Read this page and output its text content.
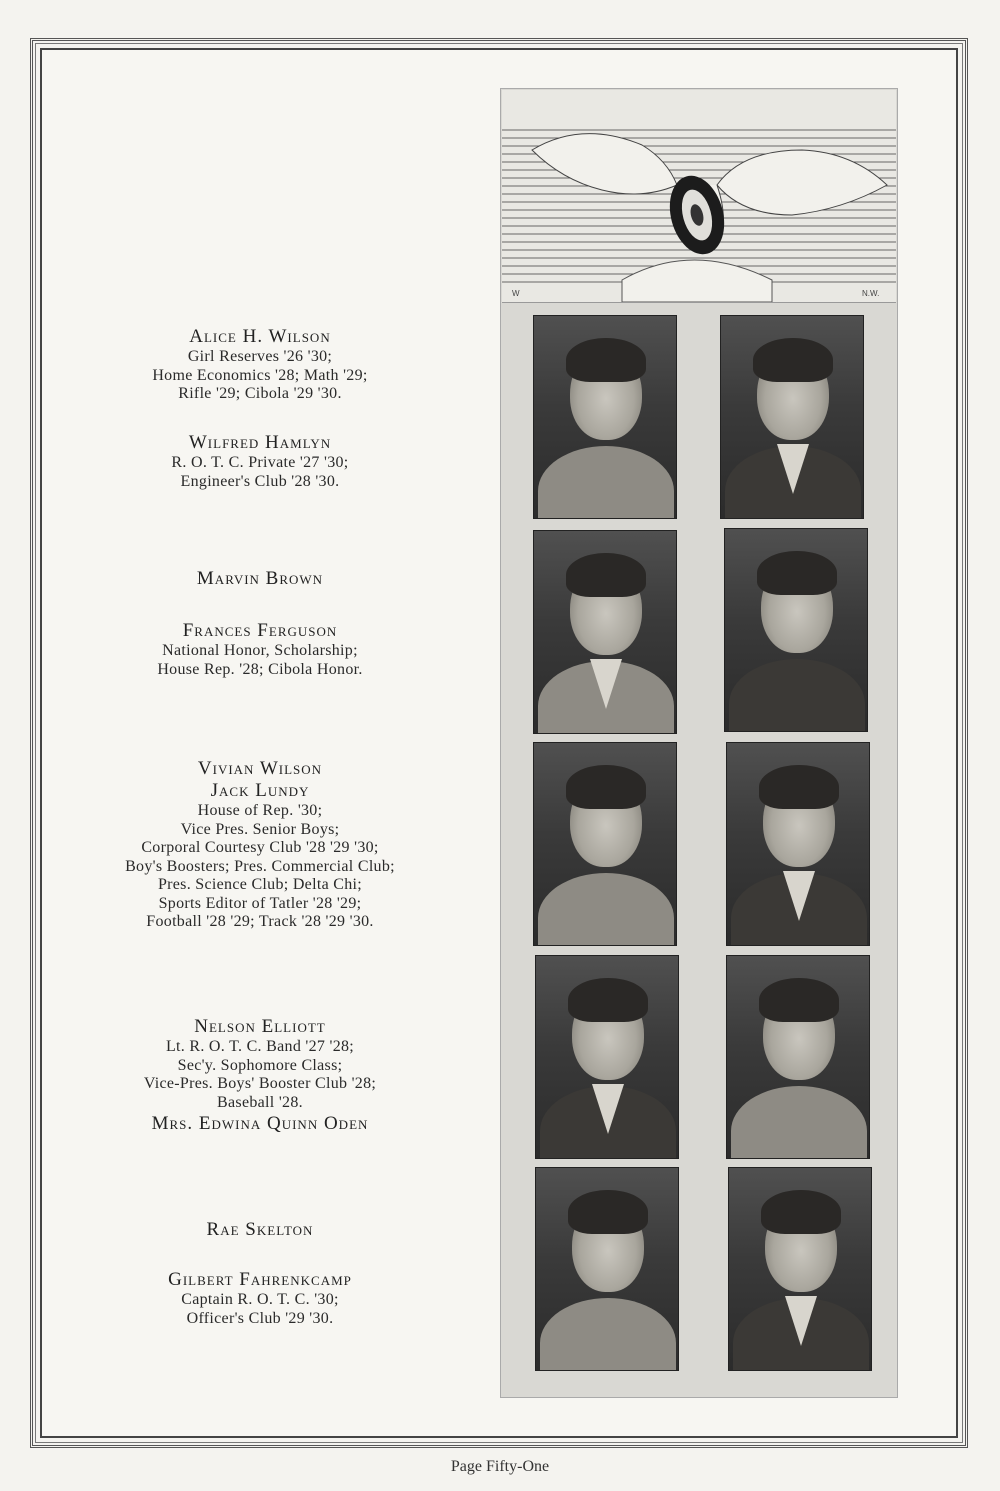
Alice H. Wilson
Girl Reserves '26 '30;
Home Economics '28; Math '29;
Rifle '29; Cibola '29 '30.
Wilfred Hamlyn
R. O. T. C. Private '27 '30;
Engineer's Club '28 '30.
Marvin Brown
Frances Ferguson
National Honor, Scholarship;
House Rep. '28; Cibola Honor.
Vivian Wilson
Jack Lundy
House of Rep. '30;
Vice Pres. Senior Boys;
Corporal Courtesy Club '28 '29 '30;
Boy's Boosters; Pres. Commercial Club;
Pres. Science Club; Delta Chi;
Sports Editor of Tatler '28 '29;
Football '28 '29; Track '28 '29 '30.
Nelson Elliott
Lt. R. O. T. C. Band '27 '28;
Sec'y. Sophomore Class;
Vice-Pres. Boys' Booster Club '28;
Baseball '28.
Mrs. Edwina Quinn Oden
Rae Skelton
Gilbert Fahrenkcamp
Captain R. O. T. C. '30;
Officer's Club '29 '30.
W	N.W.
Page Fifty-One
